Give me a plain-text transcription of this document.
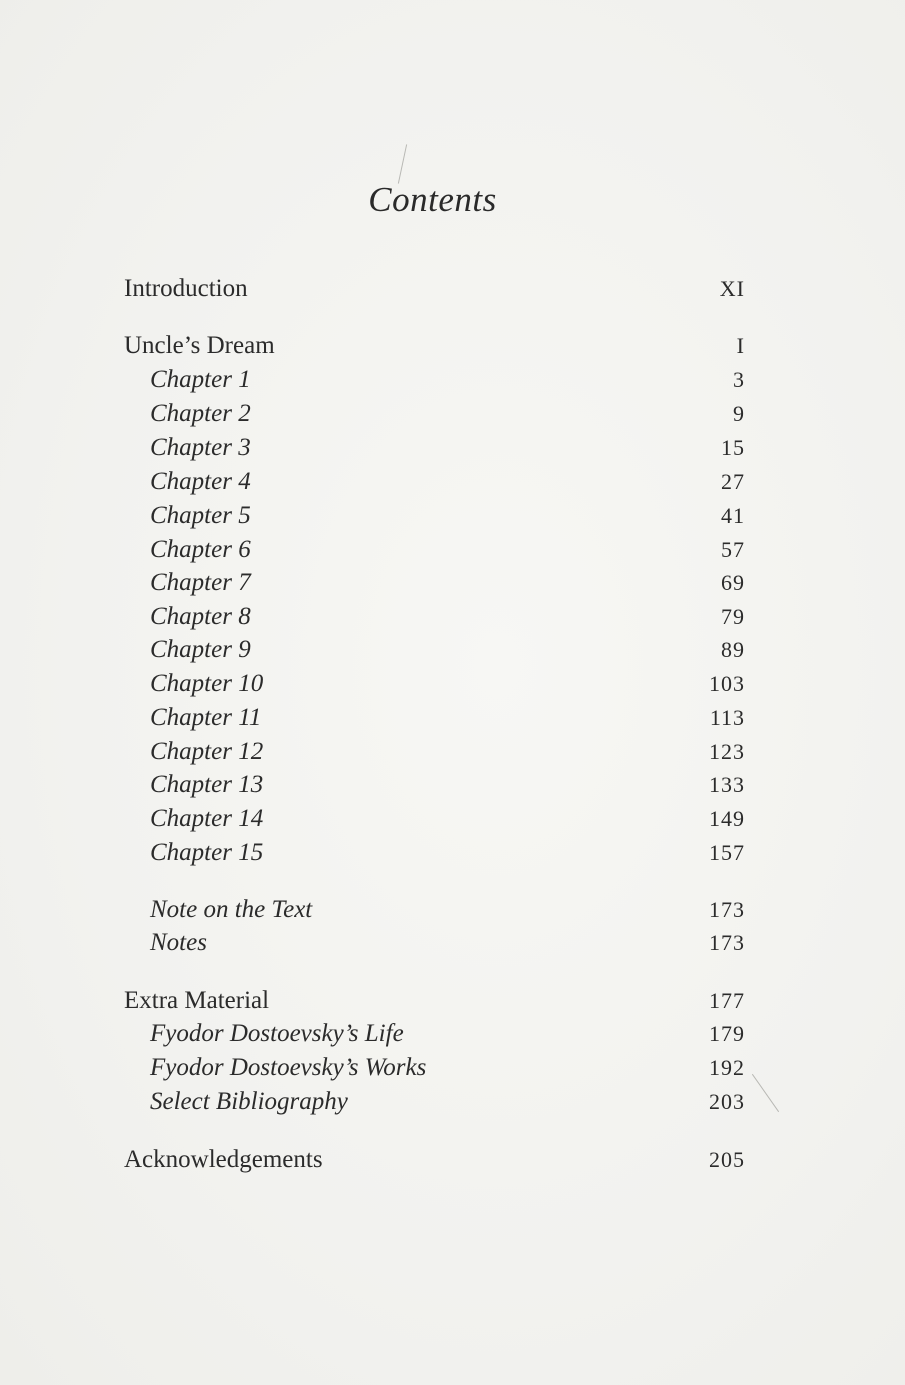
Contents
Introduction	XI
Uncle’s Dream	I
Chapter 1	3
Chapter 2	9
Chapter 3	15
Chapter 4	27
Chapter 5	41
Chapter 6	57
Chapter 7	69
Chapter 8	79
Chapter 9	89
Chapter 10	103
Chapter 11	113
Chapter 12	123
Chapter 13	133
Chapter 14	149
Chapter 15	157
Note on the Text	173
Notes	173
Extra Material	177
Fyodor Dostoevsky’s Life	179
Fyodor Dostoevsky’s Works	192
Select Bibliography	203
Acknowledgements	205
